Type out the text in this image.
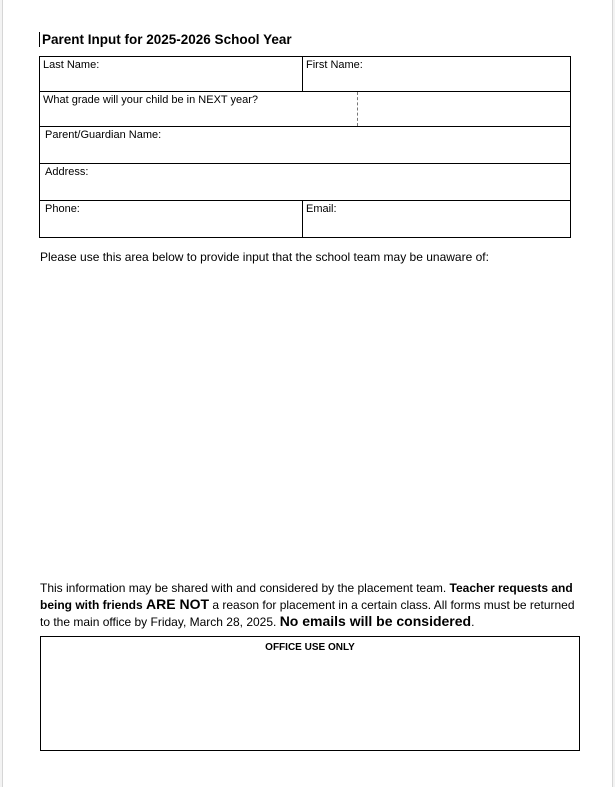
Parent Input for 2025-2026 School Year
Last Name:	First Name:
What grade will your child be in NEXT year?
Parent/Guardian Name:
Address:
Phone:	Email:
Please use this area below to provide input that the school team may be unaware of:
This information may be shared with and considered by the placement team. Teacher requests and being with friends ARE NOT a reason for placement in a certain class. All forms must be returned to the main office by Friday, March 28, 2025. No emails will be considered.
OFFICE USE ONLY
